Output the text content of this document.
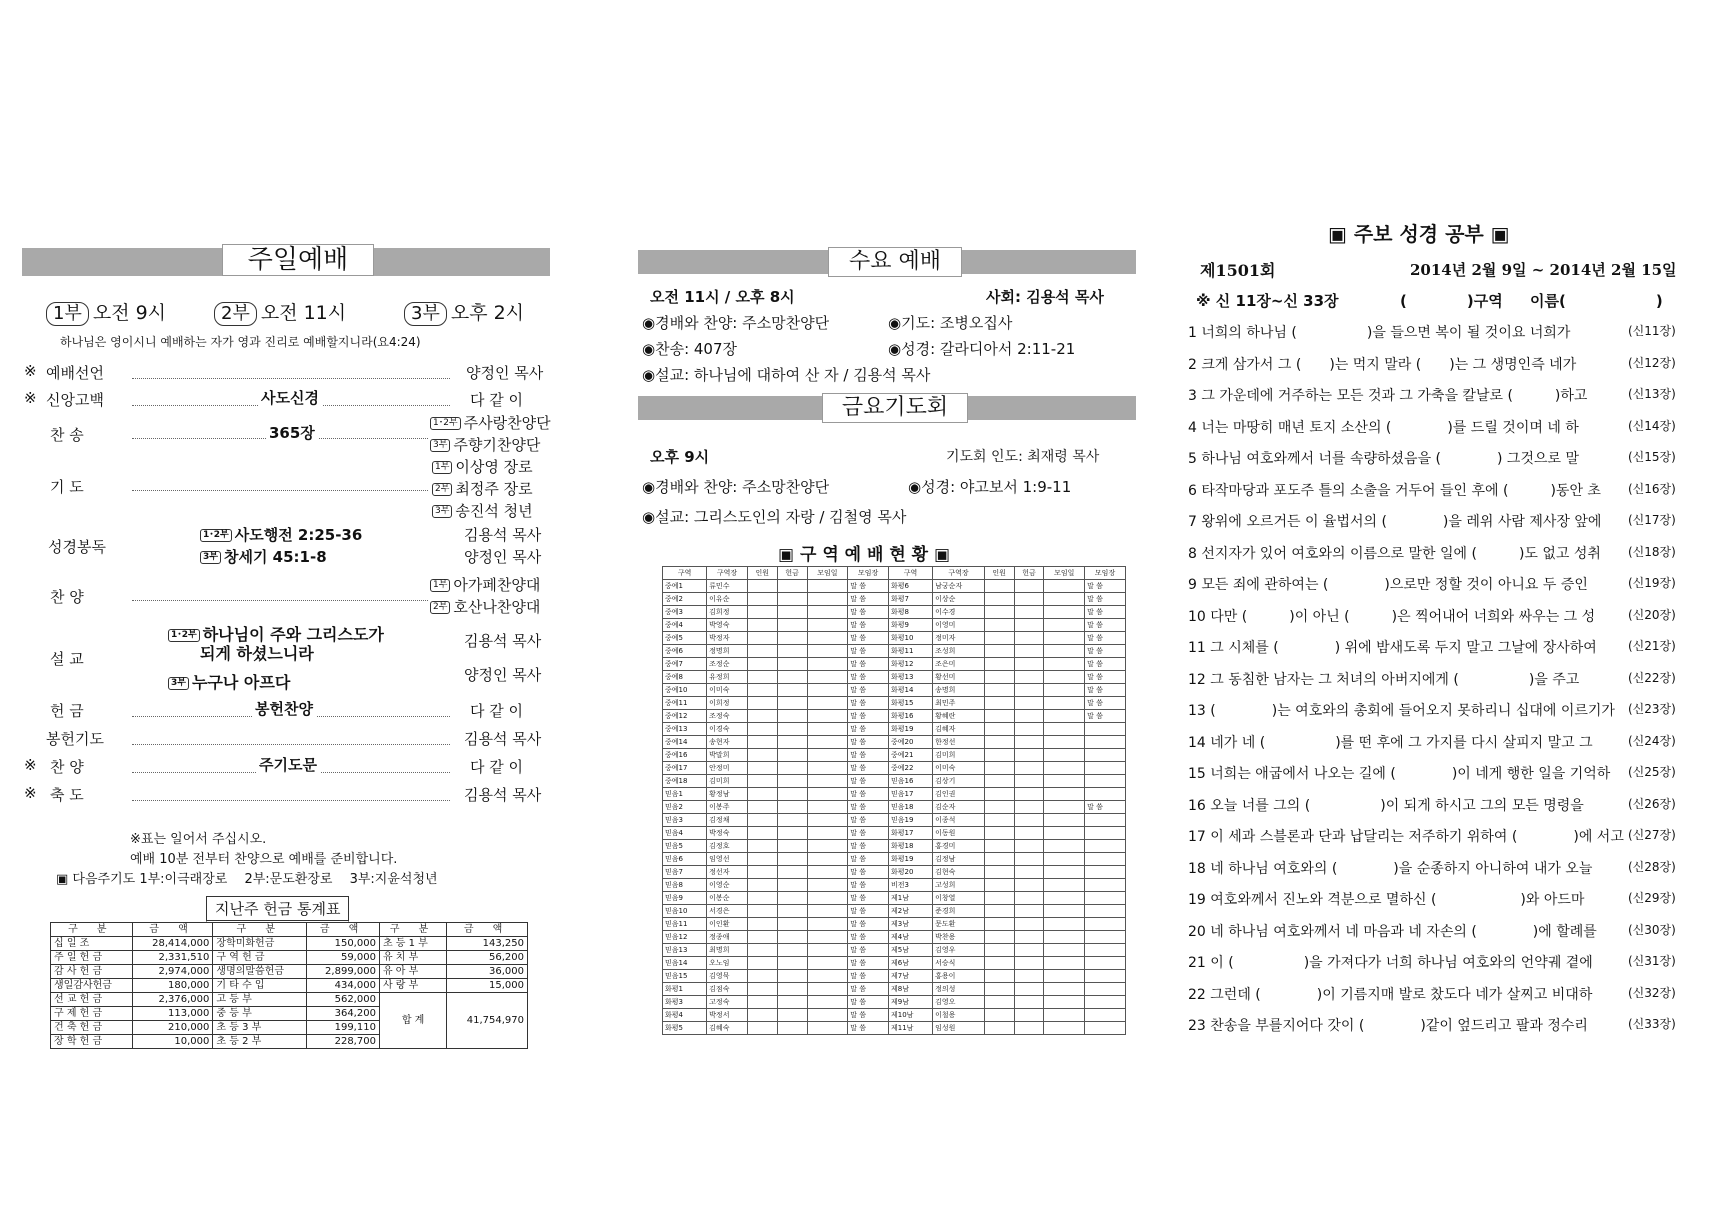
주일예배
1부 오전 9시	2부 오전 11시	3부 오후 2시
하나님은 영이시니 예배하는 자가 영과 진리로 예배할지니라(요4:24)
※ 예배선언	양정인 목사
※ 신앙고백	사도신경	다 같 이
찬 송	365장
1･2부 주사랑찬양단
3부 주향기찬양단
기 도
1부 이상영 장로
2부 최정주 장로
3부 송진석 청년
성경봉독
1･2부 사도행전 2:25-36
3부 창세기 45:1-8
김용석 목사
양정인 목사
찬 양
1부 아가페찬양대
2부 호산나찬양대
설 교
1･2부 하나님이 주와 그리스도가
되게 하셨느니라
3부 누구나 아프다
김용석 목사
양정인 목사
헌 금	봉헌찬양	다 같 이
봉헌기도	김용석 목사
※ 찬 양	주기도문	다 같 이
※ 축 도	김용석 목사
※표는 일어서 주십시오.
예배 10분 전부터 찬양으로 예배를 준비합니다.
▣ 다음주기도 1부:이극래장로　 2부:문도환장로　 3부:지윤석청년
지난주 헌금 통계표
구 분	금 액	구 분	금 액	구 분	금 액
십 일 조	28,414,000	장학미화헌금	150,000	초 등 1 부	143,250
주 일 헌 금	2,331,510	구 역 헌 금	59,000	유 치 부	56,200
감 사 헌 금	2,974,000	생명의말씀헌금	2,899,000	유 아 부	36,000
생일감사헌금	180,000	기 타 수 입	434,000	사 랑 부	15,000
선 교 헌 금	2,376,000	고 등 부	562,000	합 계	41,754,970
구 제 헌 금	113,000	중 등 부	364,200		
건 축 헌 금	210,000	초 등 3 부	199,110		
장 학 헌 금	10,000	초 등 2 부	228,700		
수요 예배
오전 11시 / 오후 8시	사회: 김용석 목사
◉경배와 찬양: 주소망찬양단	◉기도: 조병오집사
◉찬송: 407장	◉성경: 갈라디아서 2:11-21
◉설교: 하나님에 대하여 산 자 / 김용석 목사
금요기도회
오후 9시	기도회 인도: 최재령 목사
◉경배와 찬양: 주소망찬양단	◉성경: 야고보서 1:9-11
◉설교: 그리스도인의 자랑 / 김철영 목사
▣ 구 역 예 배 현 황 ▣
구역	구역장	인원	헌금	모임일	모임장	구역	구역장	인원	헌금	모임일	모임장
중예1	류민수				말 씀	화평6	남궁순자				말 씀
중예2	이유순				말 씀	화평7	이상순				말 씀
중예3	김희정				말 씀	화평8	이수경				말 씀
중예4	박영숙				말 씀	화평9	이영미				말 씀
중예5	박정자				말 씀	화평10	정미자				말 씀
중예6	정명희				말 씀	화평11	조성희				말 씀
중예7	조정순				말 씀	화평12	조은미				말 씀
중예8	유정희				말 씀	화평13	황선미				말 씀
중예10	이미숙				말 씀	화평14	송명희				말 씀
중예11	이희정				말 씀	화평15	최민주				말 씀
중예12	조정숙				말 씀	화평16	황혜란				말 씀
중예13	이경숙				말 씀	화평19	김혜자				
중예14	송현자				말 씀	중예20	한정선				
중예16	박말희				말 씀	중예21	김미희				
중예17	안정미				말 씀	중예22	이미숙				
중예18	김미희				말 씀	믿음16	김상기				
믿음1	황정남				말 씀	믿음17	김인권				
믿음2	이봉주				말 씀	믿음18	김순자				말 씀
믿음3	김정채				말 씀	믿음19	이종석				
믿음4	박정숙				말 씀	화평17	이동원				
믿음5	김정호				말 씀	화평18	홍경미				
믿음6	임영선				말 씀	화평19	김정남				
믿음7	정선자				말 씀	화평20	김현숙				
믿음8	이영순				말 씀	비전3	고성희				
믿음9	이봉순				말 씀	제1남	이창열				
믿음10	서경은				말 씀	제2남	준경희				
믿음11	이인환				말 씀	제3남	문도환				
믿음12	정종애				말 씀	제4남	박찬용				
믿음13	최명희				말 씀	제5남	김영우				
믿음14	오노임				말 씀	제6남	서승식				
믿음15	김영묵				말 씀	제7남	홍용이				
화평1	김점숙				말 씀	제8남	정의성				
화평3	고정숙				말 씀	제9남	김영오				
화평4	박정서				말 씀	제10남	이철용				
화평5	김혜숙				말 씀	제11남	임성원				
▣ 주보 성경 공부 ▣
제1501회	2014년 2월 9일 ~ 2014년 2월 15일
※ 신 11장~신 33장	(　　　　)구역 이름(　　　　　　)
1 너희의 하나님 (　　　　　)을 들으면 복이 될 것이요 너희가	(신11장)
2 크게 삼가서 그 (　　)는 먹지 말라 (　　)는 그 생명인즉 네가	(신12장)
3 그 가운데에 거주하는 모든 것과 그 가축을 칼날로 (　　　)하고	(신13장)
4 너는 마땅히 매년 토지 소산의 (　　　　)를 드릴 것이며 네 하	(신14장)
5 하나님 여호와께서 너를 속량하셨음을 (　　　　) 그것으로 말	(신15장)
6 타작마당과 포도주 틀의 소출을 거두어 들인 후에 (　　　)동안 초 (신16장)
7 왕위에 오르거든 이 율법서의 (　　　　)을 레위 사람 제사장 앞에 (신17장)
8 선지자가 있어 여호와의 이름으로 말한 일에 (　　　)도 없고 성취 (신18장)
9 모든 죄에 관하여는 (　　　　)으로만 정할 것이 아니요 두 증인	(신19장)
10 다만 (　　　)이 아닌 (　　　)은 찍어내어 너희와 싸우는 그 성	(신20장)
11 그 시체를 (　　　　) 위에 밤새도록 두지 말고 그날에 장사하여	(신21장)
12 그 동침한 남자는 그 처녀의 아버지에게 (　　　　　)을 주고	(신22장)
13 (　　　　)는 여호와의 총회에 들어오지 못하리니 십대에 이르기가 (신23장)
14 네가 네 (　　　　　)를 떤 후에 그 가지를 다시 살피지 말고 그	(신24장)
15 너희는 애굽에서 나오는 길에 (　　　　)이 네게 행한 일을 기억하 (신25장)
16 오늘 너를 그의 (　　　　　)이 되게 하시고 그의 모든 명령을	(신26장)
17 이 세과 스블론과 단과 납달리는 저주하기 위하여 (　　　　)에 서고 (신27장)
18 네 하나님 여호와의 (　　　　)을 순종하지 아니하여 내가 오늘	(신28장)
19 여호와께서 진노와 격분으로 멸하신 (　　　　　　)와 아드마	(신29장)
20 네 하나님 여호와께서 네 마음과 네 자손의 (　　　　)에 할례를	(신30장)
21 이 (　　　　　)을 가져다가 너희 하나님 여호와의 언약궤 곁에	(신31장)
22 그런데 (　　　　)이 기름지매 발로 찼도다 네가 살찌고 비대하	(신32장)
23 찬송을 부를지어다 갓이 (　　　　)같이 엎드리고 팔과 정수리	(신33장)
